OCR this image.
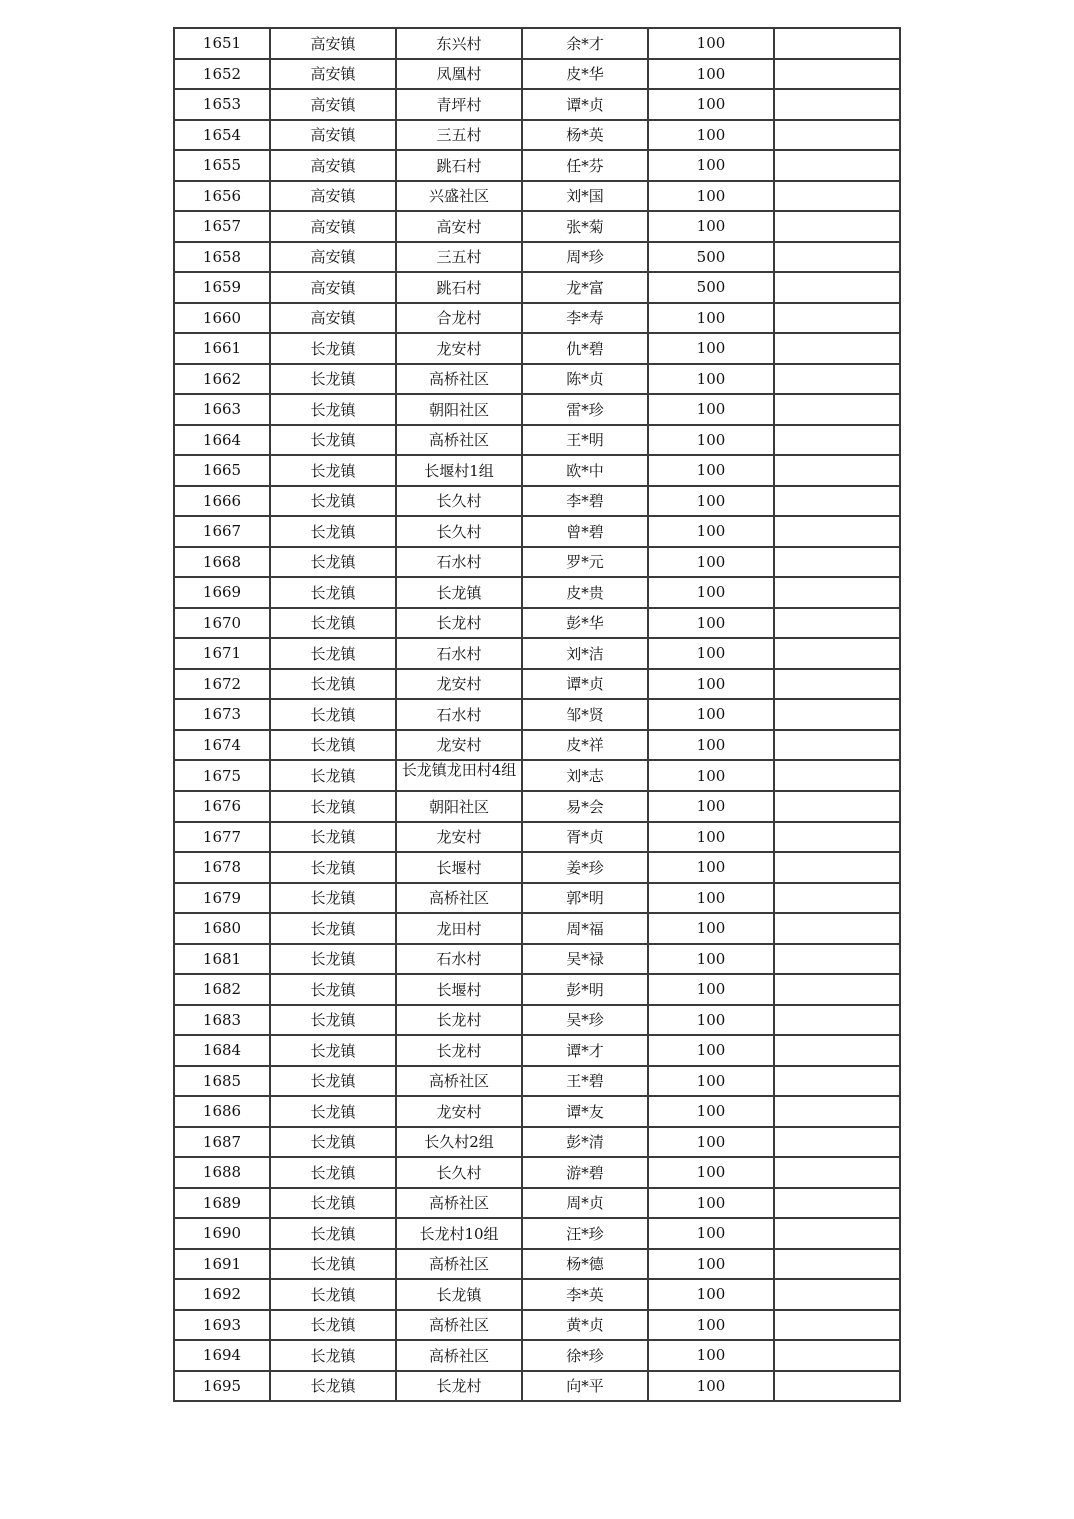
1651	高安镇	东兴村	余*才	100	
1652	高安镇	凤凰村	皮*华	100	
1653	高安镇	青坪村	谭*贞	100	
1654	高安镇	三五村	杨*英	100	
1655	高安镇	跳石村	任*芬	100	
1656	高安镇	兴盛社区	刘*国	100	
1657	高安镇	高安村	张*菊	100	
1658	高安镇	三五村	周*珍	500	
1659	高安镇	跳石村	龙*富	500	
1660	高安镇	合龙村	李*寿	100	
1661	长龙镇	龙安村	仇*碧	100	
1662	长龙镇	高桥社区	陈*贞	100	
1663	长龙镇	朝阳社区	雷*珍	100	
1664	长龙镇	高桥社区	王*明	100	
1665	长龙镇	长堰村1组	欧*中	100	
1666	长龙镇	长久村	李*碧	100	
1667	长龙镇	长久村	曾*碧	100	
1668	长龙镇	石水村	罗*元	100	
1669	长龙镇	长龙镇	皮*贵	100	
1670	长龙镇	长龙村	彭*华	100	
1671	长龙镇	石水村	刘*洁	100	
1672	长龙镇	龙安村	谭*贞	100	
1673	长龙镇	石水村	邹*贤	100	
1674	长龙镇	龙安村	皮*祥	100	
1675	长龙镇	长龙镇龙田村4组	刘*志	100	
1676	长龙镇	朝阳社区	易*会	100	
1677	长龙镇	龙安村	胥*贞	100	
1678	长龙镇	长堰村	姜*珍	100	
1679	长龙镇	高桥社区	郭*明	100	
1680	长龙镇	龙田村	周*福	100	
1681	长龙镇	石水村	吴*禄	100	
1682	长龙镇	长堰村	彭*明	100	
1683	长龙镇	长龙村	吴*珍	100	
1684	长龙镇	长龙村	谭*才	100	
1685	长龙镇	高桥社区	王*碧	100	
1686	长龙镇	龙安村	谭*友	100	
1687	长龙镇	长久村2组	彭*清	100	
1688	长龙镇	长久村	游*碧	100	
1689	长龙镇	高桥社区	周*贞	100	
1690	长龙镇	长龙村10组	汪*珍	100	
1691	长龙镇	高桥社区	杨*德	100	
1692	长龙镇	长龙镇	李*英	100	
1693	长龙镇	高桥社区	黄*贞	100	
1694	长龙镇	高桥社区	徐*珍	100	
1695	长龙镇	长龙村	向*平	100	
